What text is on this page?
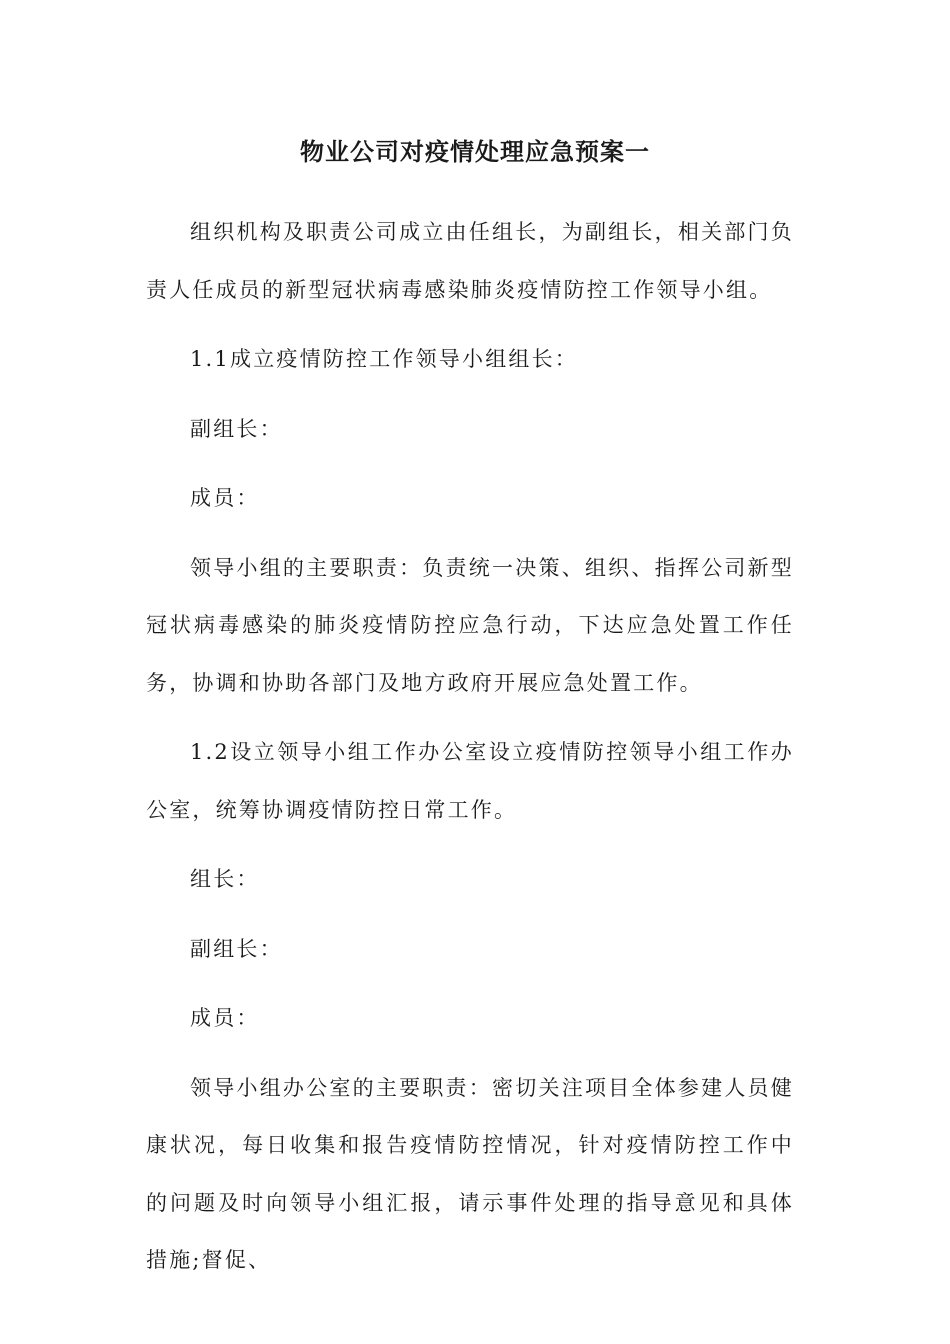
物业公司对疫情处理应急预案一

组织机构及职责公司成立由任组长，为副组长，相关部门负责人任成员的新型冠状病毒感染肺炎疫情防控工作领导小组。

1.1成立疫情防控工作领导小组组长：

副组长：

成员：

领导小组的主要职责：负责统一决策、组织、指挥公司新型冠状病毒感染的肺炎疫情防控应急行动，下达应急处置工作任务，协调和协助各部门及地方政府开展应急处置工作。

1.2设立领导小组工作办公室设立疫情防控领导小组工作办公室，统筹协调疫情防控日常工作。

组长：

副组长：

成员：

领导小组办公室的主要职责：密切关注项目全体参建人员健康状况，每日收集和报告疫情防控情况，针对疫情防控工作中的问题及时向领导小组汇报，请示事件处理的指导意见和具体措施;督促、
